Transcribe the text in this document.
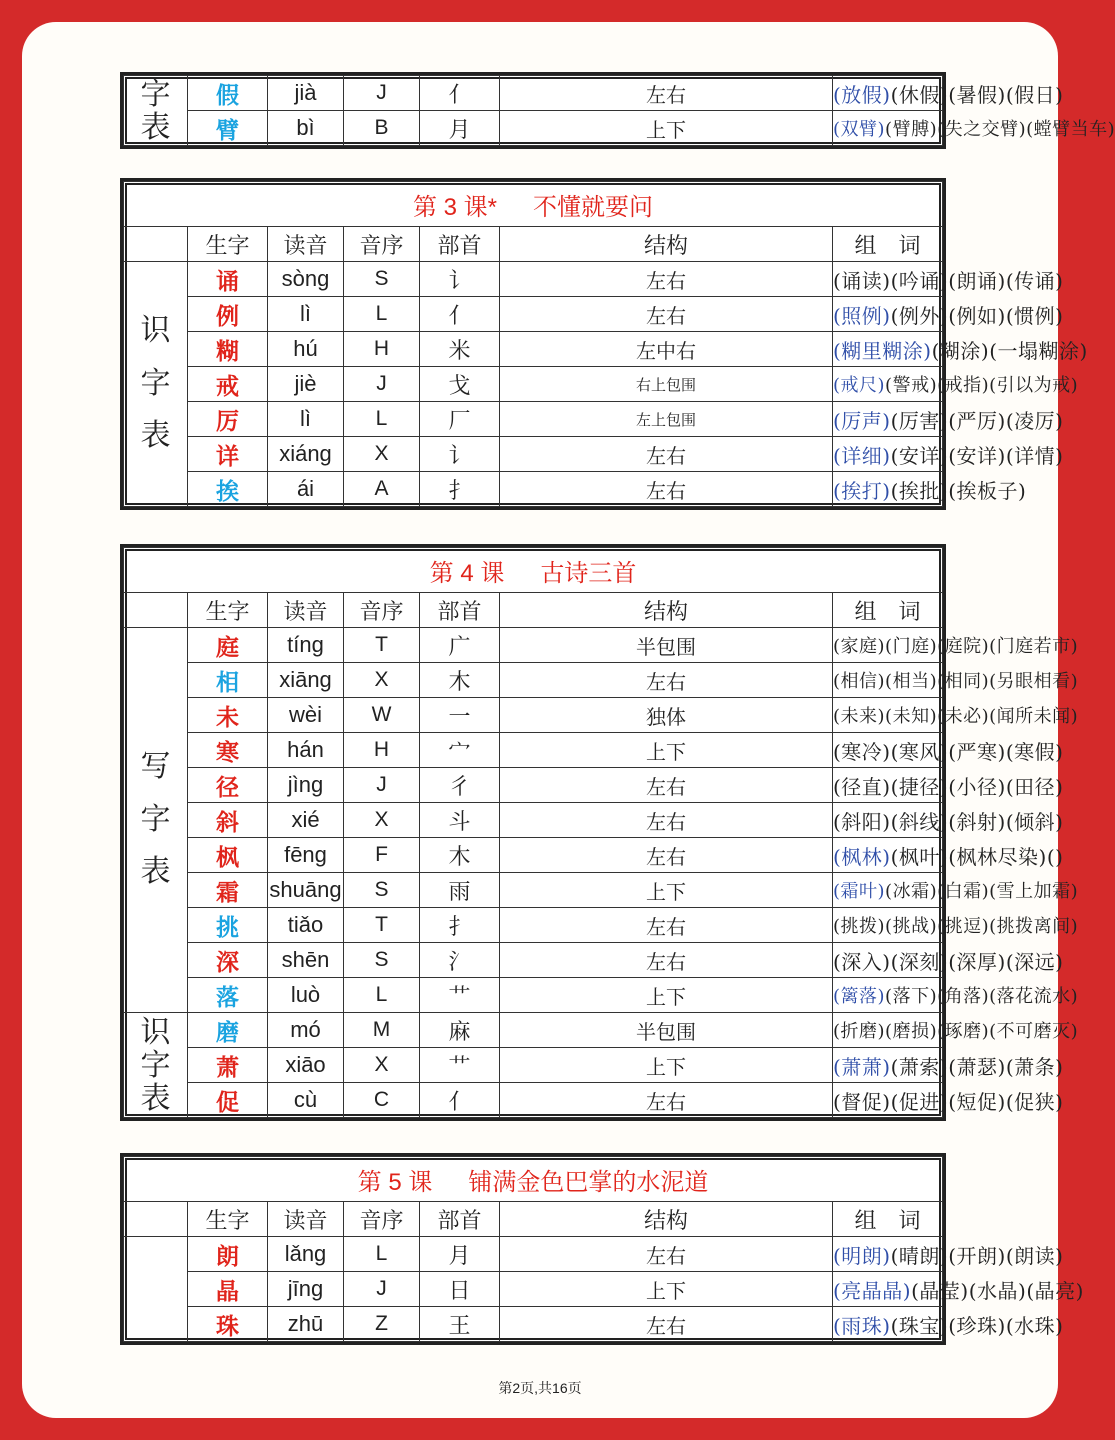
字
表	假	jià	J	亻	左右	(放假)(休假)(暑假)(假日)
	臂	bì	B	月	上下	(双臂)(臂膊)(失之交臂)(螳臂当车)
第 3 课* 不懂就要问						
	生字	读音	音序	部首	结构	组　词
识
字
表	诵	sòng	S	讠	左右	(诵读)(吟诵)(朗诵)(传诵)
	例	lì	L	亻	左右	(照例)(例外)(例如)(惯例)
	糊	hú	H	米	左中右	(糊里糊涂)(糊涂)(一塌糊涂)
	戒	jiè	J	戈	右上包围	(戒尺)(警戒)(戒指)(引以为戒)
	厉	lì	L	厂	左上包围	(厉声)(厉害)(严厉)(凌厉)
	详	xiáng	X	讠	左右	(详细)(安详)(安详)(详情)
	挨	ái	A	扌	左右	(挨打)(挨批)(挨板子)
第 4 课 古诗三首						
	生字	读音	音序	部首	结构	组　词
写
字
表	庭	tíng	T	广	半包围	(家庭)(门庭)(庭院)(门庭若市)
	相	xiāng	X	木	左右	(相信)(相当)(相同)(另眼相看)
	未	wèi	W	一	独体	(未来)(未知)(未必)(闻所未闻)
	寒	hán	H	宀	上下	(寒冷)(寒风)(严寒)(寒假)
	径	jìng	J	彳	左右	(径直)(捷径)(小径)(田径)
	斜	xié	X	斗	左右	(斜阳)(斜线)(斜射)(倾斜)
	枫	fēng	F	木	左右	(枫林)(枫叶)(枫林尽染)()
	霜	shuāng	S	雨	上下	(霜叶)(冰霜)(白霜)(雪上加霜)
	挑	tiǎo	T	扌	左右	(挑拨)(挑战)(挑逗)(挑拨离间)
	深	shēn	S	氵	左右	(深入)(深刻)(深厚)(深远)
	落	luò	L	艹	上下	(篱落)(落下)(角落)(落花流水)
识
字
表	磨	mó	M	麻	半包围	(折磨)(磨损)(琢磨)(不可磨灭)
	萧	xiāo	X	艹	上下	(萧萧)(萧索)(萧瑟)(萧条)
	促	cù	C	亻	左右	(督促)(促进)(短促)(促狭)
第 5 课 铺满金色巴掌的水泥道						
	生字	读音	音序	部首	结构	组　词
	朗	lǎng	L	月	左右	(明朗)(晴朗)(开朗)(朗读)
	晶	jīng	J	日	上下	(亮晶晶)(晶莹)(水晶)(晶亮)
	珠	zhū	Z	王	左右	(雨珠)(珠宝)(珍珠)(水珠)
第2页,共16页
